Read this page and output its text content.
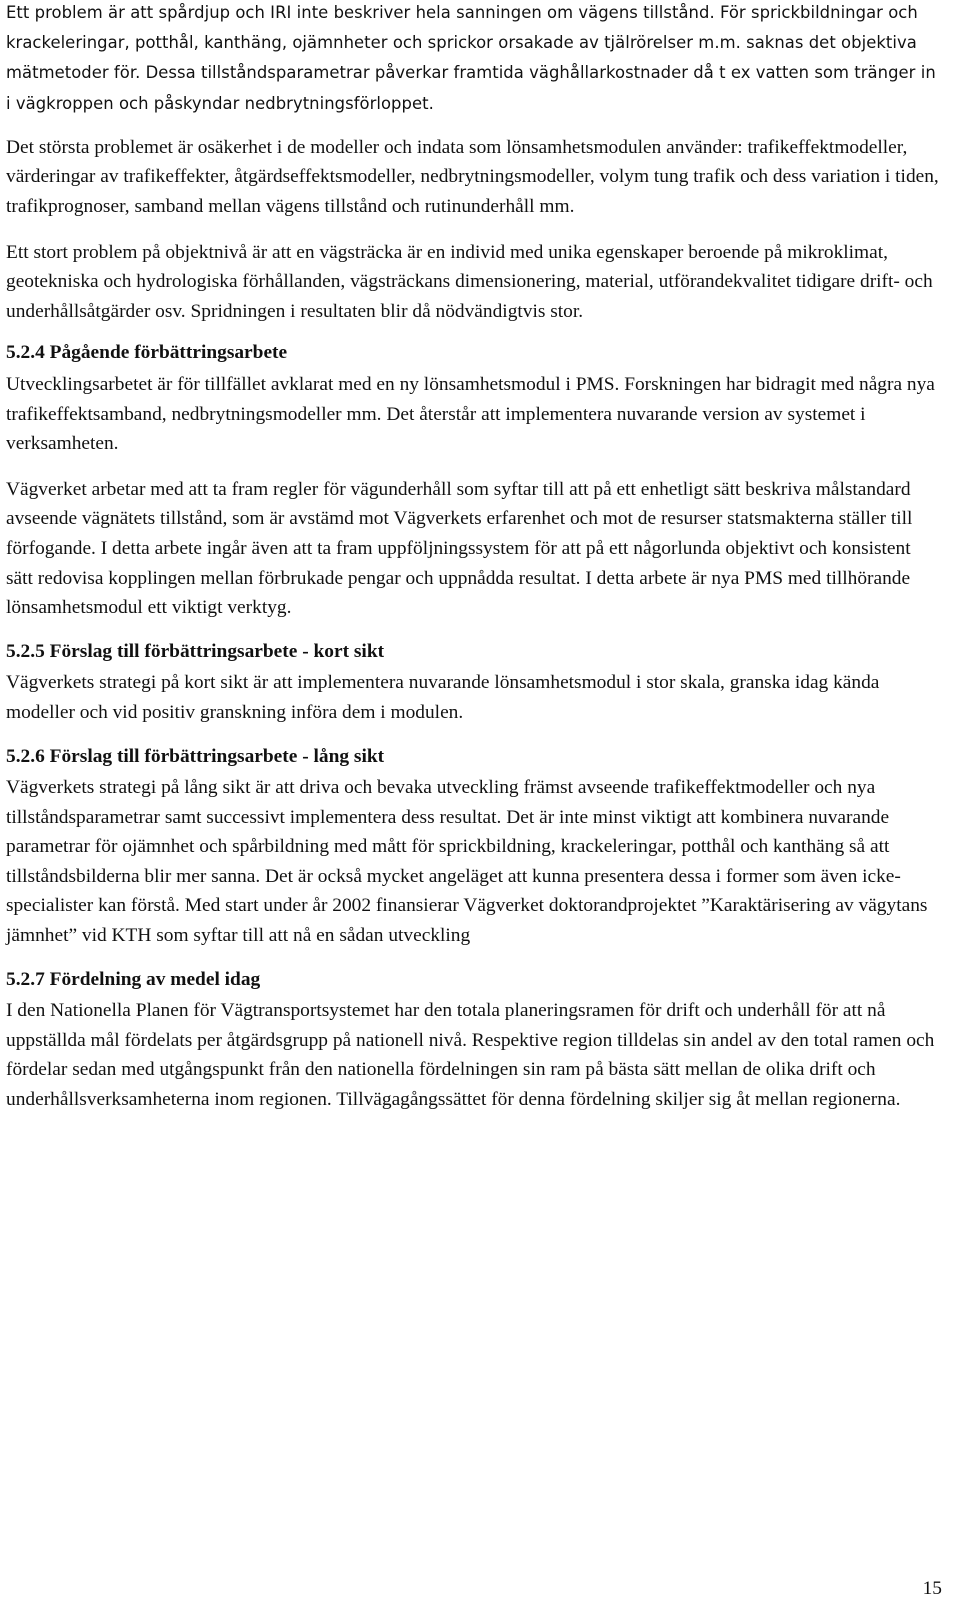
Ett problem är att spårdjup och IRI inte beskriver hela sanningen om vägens tillstånd. För sprickbildningar och krackeleringar, potthål, kanthäng, ojämnheter och sprickor orsakade av tjälrörelser m.m. saknas det objektiva mätmetoder för. Dessa tillståndsparametrar påverkar framtida väghållarkostnader då t ex vatten som tränger in i vägkroppen och påskyndar nedbrytningsförloppet.

Det största problemet är osäkerhet i de modeller och indata som lönsamhetsmodulen använder: trafikeffektmodeller, värderingar av trafikeffekter, åtgärdseffektsmodeller, nedbrytningsmodeller, volym tung trafik och dess variation i tiden, trafikprognoser, samband mellan vägens tillstånd och rutinunderhåll mm.

Ett stort problem på objektnivå är att en vägsträcka är en individ med unika egenskaper beroende på mikroklimat, geotekniska och hydrologiska förhållanden, vägsträckans dimensionering, material, utförandekvalitet tidigare drift- och underhållsåtgärder osv. Spridningen i resultaten blir då nödvändigtvis stor.

5.2.4 Pågående förbättringsarbete

Utvecklingsarbetet är för tillfället avklarat med en ny lönsamhetsmodul i PMS. Forskningen har bidragit med några nya trafikeffektsamband, nedbrytningsmodeller mm. Det återstår att implementera nuvarande version av systemet i verksamheten.

Vägverket arbetar med att ta fram regler för vägunderhåll som syftar till att på ett enhetligt sätt beskriva målstandard avseende vägnätets tillstånd, som är avstämd mot Vägverkets erfarenhet och mot de resurser statsmakterna ställer till förfogande. I detta arbete ingår även att ta fram uppföljningssystem för att på ett någorlunda objektivt och konsistent sätt redovisa kopplingen mellan förbrukade pengar och uppnådda resultat. I detta arbete är nya PMS med tillhörande lönsamhetsmodul ett viktigt verktyg.

5.2.5 Förslag till förbättringsarbete - kort sikt

Vägverkets strategi på kort sikt är att implementera nuvarande lönsamhetsmodul i stor skala, granska idag kända modeller och vid positiv granskning införa dem i modulen.

5.2.6 Förslag till förbättringsarbete - lång sikt

Vägverkets strategi på lång sikt är att driva och bevaka utveckling främst avseende trafikeffektmodeller och nya tillståndsparametrar samt successivt implementera dess resultat. Det är inte minst viktigt att kombinera nuvarande parametrar för ojämnhet och spårbildning med mått för sprickbildning, krackeleringar, potthål och kanthäng så att tillståndsbilderna blir mer sanna. Det är också mycket angeläget att kunna presentera dessa i former som även icke-specialister kan förstå. Med start under år 2002 finansierar Vägverket doktorandprojektet ”Karaktärisering av vägytans jämnhet” vid KTH som syftar till att nå en sådan utveckling

5.2.7 Fördelning av medel idag

I den Nationella Planen för Vägtransportsystemet har den totala planeringsramen för drift och underhåll för att nå uppställda mål fördelats per åtgärdsgrupp på nationell nivå. Respektive region tilldelas sin andel av den total ramen och fördelar sedan med utgångspunkt från den nationella fördelningen sin ram på bästa sätt mellan de olika drift och underhållsverksamheterna inom regionen. Tillvägagångssättet för denna fördelning skiljer sig åt mellan regionerna.

15
